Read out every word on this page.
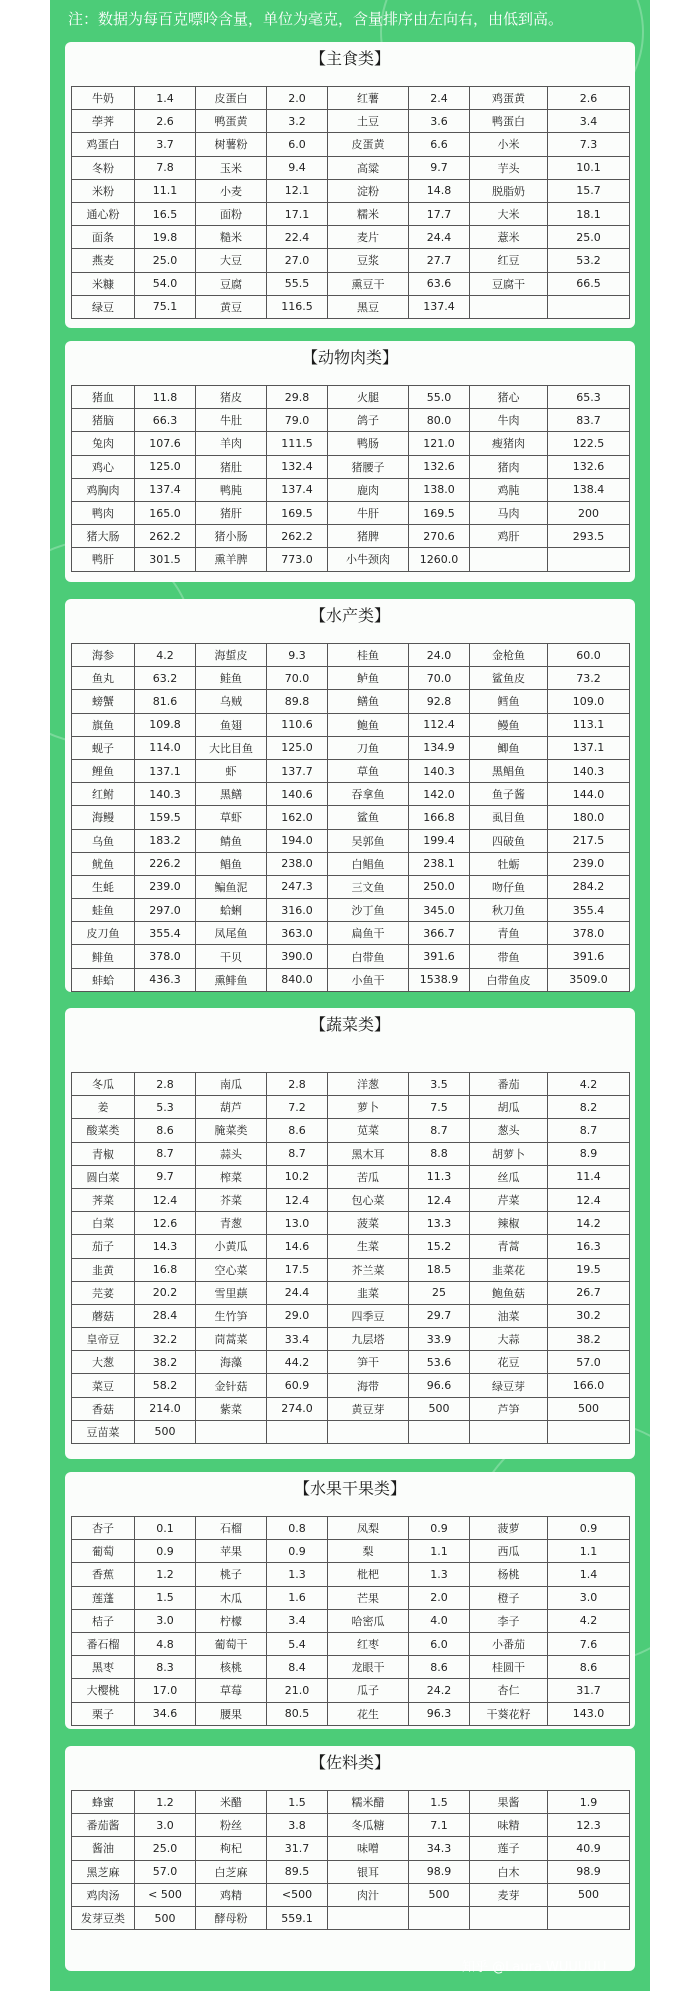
注：数据为每百克嘌呤含量，单位为毫克，含量排序由左向右，由低到高。
【主食类】
牛奶	1.4	皮蛋白	2.0	红薯	2.4	鸡蛋黄	2.6
荸荠	2.6	鸭蛋黄	3.2	土豆	3.6	鸭蛋白	3.4
鸡蛋白	3.7	树薯粉	6.0	皮蛋黄	6.6	小米	7.3
冬粉	7.8	玉米	9.4	高粱	9.7	芋头	10.1
米粉	11.1	小麦	12.1	淀粉	14.8	脱脂奶	15.7
通心粉	16.5	面粉	17.1	糯米	17.7	大米	18.1
面条	19.8	糙米	22.4	麦片	24.4	薏米	25.0
燕麦	25.0	大豆	27.0	豆浆	27.7	红豆	53.2
米糠	54.0	豆腐	55.5	熏豆干	63.6	豆腐干	66.5
绿豆	75.1	黄豆	116.5	黑豆	137.4		
【动物肉类】
猪血	11.8	猪皮	29.8	火腿	55.0	猪心	65.3
猪脑	66.3	牛肚	79.0	鸽子	80.0	牛肉	83.7
兔肉	107.6	羊肉	111.5	鸭肠	121.0	瘦猪肉	122.5
鸡心	125.0	猪肚	132.4	猪腰子	132.6	猪肉	132.6
鸡胸肉	137.4	鸭肫	137.4	鹿肉	138.0	鸡肫	138.4
鸭肉	165.0	猪肝	169.5	牛肝	169.5	马肉	200
猪大肠	262.2	猪小肠	262.2	猪脾	270.6	鸡肝	293.5
鸭肝	301.5	熏羊脾	773.0	小牛颈肉	1260.0		
【水产类】
海参	4.2	海蜇皮	9.3	桂鱼	24.0	金枪鱼	60.0
鱼丸	63.2	鲑鱼	70.0	鲈鱼	70.0	鲨鱼皮	73.2
螃蟹	81.6	乌贼	89.8	鳝鱼	92.8	鳕鱼	109.0
旗鱼	109.8	鱼翅	110.6	鲍鱼	112.4	鳗鱼	113.1
蚬子	114.0	大比目鱼	125.0	刀鱼	134.9	鲫鱼	137.1
鲤鱼	137.1	虾	137.7	草鱼	140.3	黑鲳鱼	140.3
红鲋	140.3	黑鳝	140.6	吞拿鱼	142.0	鱼子酱	144.0
海鳗	159.5	草虾	162.0	鲨鱼	166.8	虱目鱼	180.0
乌鱼	183.2	鲭鱼	194.0	吴郭鱼	199.4	四破鱼	217.5
鱿鱼	226.2	鲳鱼	238.0	白鲳鱼	238.1	牡蛎	239.0
生蚝	239.0	鳊鱼泥	247.3	三文鱼	250.0	吻仔鱼	284.2
蛙鱼	297.0	蛤蜊	316.0	沙丁鱼	345.0	秋刀鱼	355.4
皮刀鱼	355.4	凤尾鱼	363.0	扁鱼干	366.7	青鱼	378.0
鲱鱼	378.0	干贝	390.0	白带鱼	391.6	带鱼	391.6
蚌蛤	436.3	熏鲱鱼	840.0	小鱼干	1538.9	白带鱼皮	3509.0
【蔬菜类】
冬瓜	2.8	南瓜	2.8	洋葱	3.5	番茄	4.2
姜	5.3	葫芦	7.2	萝卜	7.5	胡瓜	8.2
酸菜类	8.6	腌菜类	8.6	苋菜	8.7	葱头	8.7
青椒	8.7	蒜头	8.7	黑木耳	8.8	胡萝卜	8.9
圆白菜	9.7	榨菜	10.2	苦瓜	11.3	丝瓜	11.4
荠菜	12.4	芥菜	12.4	包心菜	12.4	芹菜	12.4
白菜	12.6	青葱	13.0	菠菜	13.3	辣椒	14.2
茄子	14.3	小黄瓜	14.6	生菜	15.2	青蒿	16.3
韭黄	16.8	空心菜	17.5	芥兰菜	18.5	韭菜花	19.5
芫荽	20.2	雪里蕻	24.4	韭菜	25	鲍鱼菇	26.7
蘑菇	28.4	生竹笋	29.0	四季豆	29.7	油菜	30.2
皇帝豆	32.2	茼蒿菜	33.4	九层塔	33.9	大蒜	38.2
大葱	38.2	海藻	44.2	笋干	53.6	花豆	57.0
菜豆	58.2	金针菇	60.9	海带	96.6	绿豆芽	166.0
香菇	214.0	紫菜	274.0	黄豆芽	500	芦笋	500
豆苗菜	500						
【水果干果类】
杏子	0.1	石榴	0.8	凤梨	0.9	菠萝	0.9
葡萄	0.9	苹果	0.9	梨	1.1	西瓜	1.1
香蕉	1.2	桃子	1.3	枇杷	1.3	杨桃	1.4
莲蓬	1.5	木瓜	1.6	芒果	2.0	橙子	3.0
桔子	3.0	柠檬	3.4	哈密瓜	4.0	李子	4.2
番石榴	4.8	葡萄干	5.4	红枣	6.0	小番茄	7.6
黑枣	8.3	核桃	8.4	龙眼干	8.6	桂圆干	8.6
大樱桃	17.0	草莓	21.0	瓜子	24.2	杏仁	31.7
栗子	34.6	腰果	80.5	花生	96.3	干葵花籽	143.0
【佐料类】
蜂蜜	1.2	米醋	1.5	糯米醋	1.5	果酱	1.9
番茄酱	3.0	粉丝	3.8	冬瓜糖	7.1	味精	12.3
酱油	25.0	枸杞	31.7	味噌	34.3	莲子	40.9
黑芝麻	57.0	白芝麻	89.5	银耳	98.9	白木	98.9
鸡肉汤	< 500	鸡精	<500	肉汁	500	麦芽	500
发芽豆类	500	酵母粉	559.1				
知乎 @Laura WUUUUU
